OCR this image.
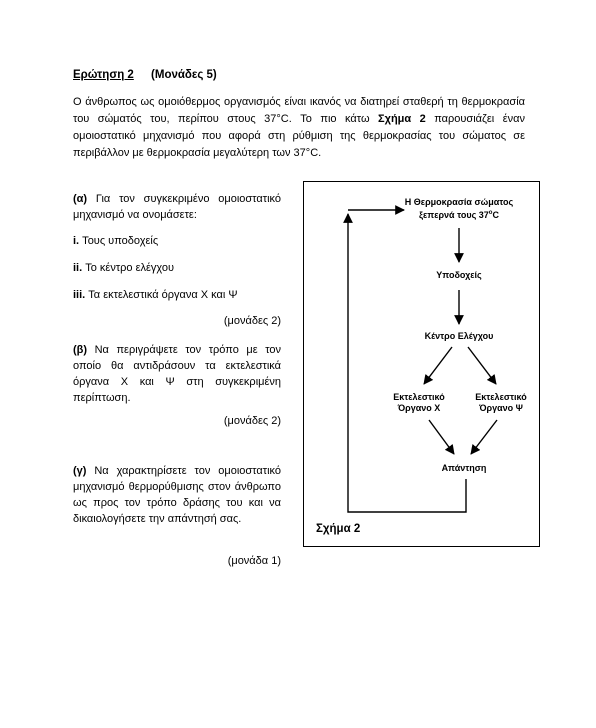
Ερώτηση 2 (Μονάδες 5)
Ο άνθρωπος ως ομοιόθερμος οργανισμός είναι ικανός να διατηρεί σταθερή τη θερμοκρασία του σώματός του, περίπου στους 37°C. Το πιο κάτω Σχήμα 2 παρουσιάζει έναν ομοιοστατικό μηχανισμό που αφορά στη ρύθμιση της θερμοκρασίας του σώματος σε περιβάλλον με θερμοκρασία μεγαλύτερη των 37°C.

(α) Για τον συγκεκριμένο ομοιοστατικό μηχανισμό να ονομάσετε:

i. Τους υποδοχείς

ii. Το κέντρο ελέγχου

iii. Τα εκτελεστικά όργανα Χ και Ψ

(μονάδες 2)

(β) Να περιγράψετε τον τρόπο με τον οποίο θα αντιδράσουν τα εκτελεστικά όργανα Χ και Ψ στη συγκεκριμένη περίπτωση.

(μονάδες 2)

(γ) Να χαρακτηρίσετε τον ομοιοστατικό μηχανισμό θερμορύθμισης στον άνθρωπο ως προς τον τρόπο δράσης του και να δικαιολογήσετε την απάντησή σας.

(μονάδα 1)

Η Θερμοκρασία σώματος
ξεπερνά τους $37^oC$
Υποδοχείς
Κέντρο Ελέγχου
Εκτελεστικό
Όργανο Χ
Εκτελεστικό
Όργανο Ψ
Απάντηση
Σχήμα 2
